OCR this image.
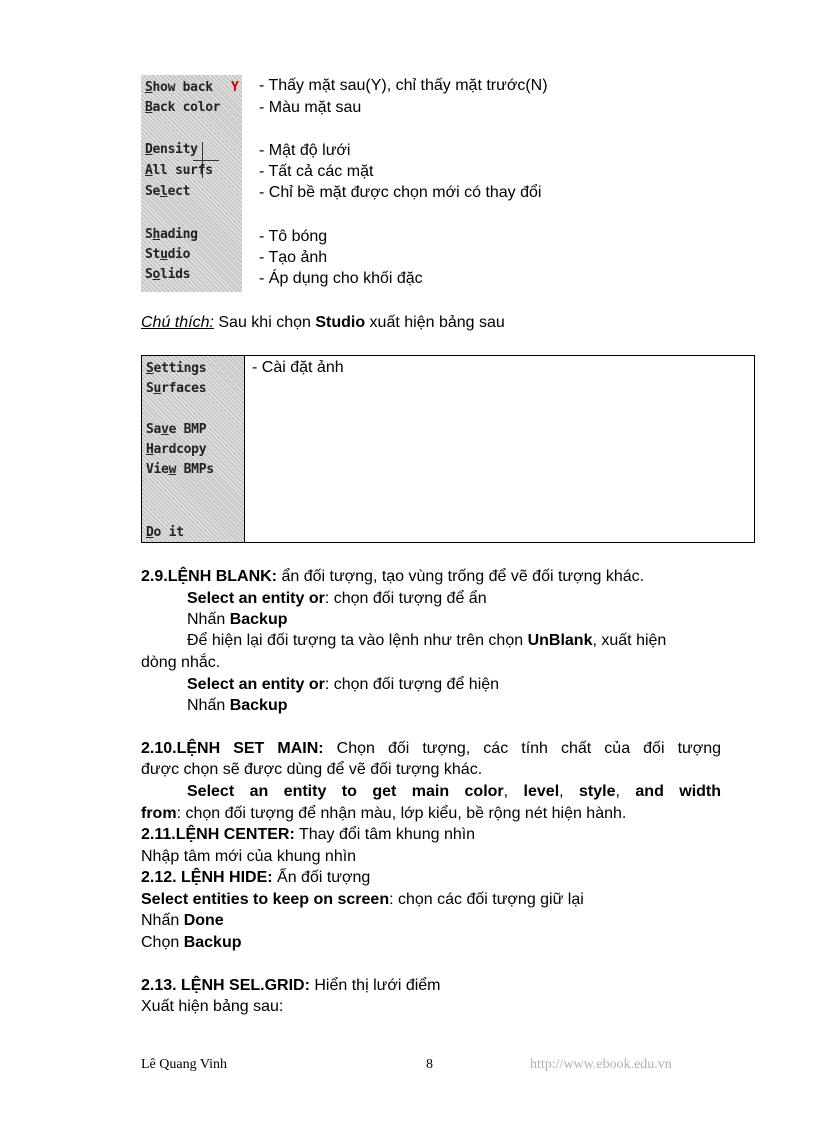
Show back Y
Back color
Density
All surfs
Select
Shading
Studio
Solids
- Thấy mặt sau(Y), chỉ thấy mặt trước(N)
- Màu mặt sau
- Mật độ lưới
- Tất cả các mặt
- Chỉ bề mặt được chọn mới có thay đổi
- Tô bóng
- Tạo ảnh
- Áp dụng cho khối đặc
Chú thích: Sau khi chọn Studio xuất hiện bảng sau
Settings
Surfaces
Save BMP
Hardcopy
View BMPs
Do it
- Cài đặt ảnh
2.9.LỆNH BLANK: ẩn đối tượng, tạo vùng trống để vẽ đối tượng khác.
Select an entity or: chọn đối tượng để ẩn
Nhấn Backup
Để hiện lại đối tượng ta vào lệnh như trên chọn UnBlank, xuất hiện
dòng nhắc.
Select an entity or: chọn đối tượng để hiện
Nhấn Backup
2.10.LỆNH SET MAIN: Chọn đối tượng, các tính chất của đối tượng
được chọn sẽ được dùng để vẽ đối tượng khác.
Select an entity to get main color, level, style, and width
from: chọn đối tượng để nhận màu, lớp kiểu, bề rộng nét hiện hành.
2.11.LỆNH CENTER: Thay đổi tâm khung nhìn
Nhập tâm mới của khung nhìn
2.12. LỆNH HIDE: Ẩn đối tượng
Select entities to keep on screen: chọn các đối tượng giữ lại
Nhấn Done
Chọn Backup
2.13. LỆNH SEL.GRID: Hiển thị lưới điểm
Xuất hiện bảng sau:
Lê Quang Vinh	8	http://www.ebook.edu.vn
